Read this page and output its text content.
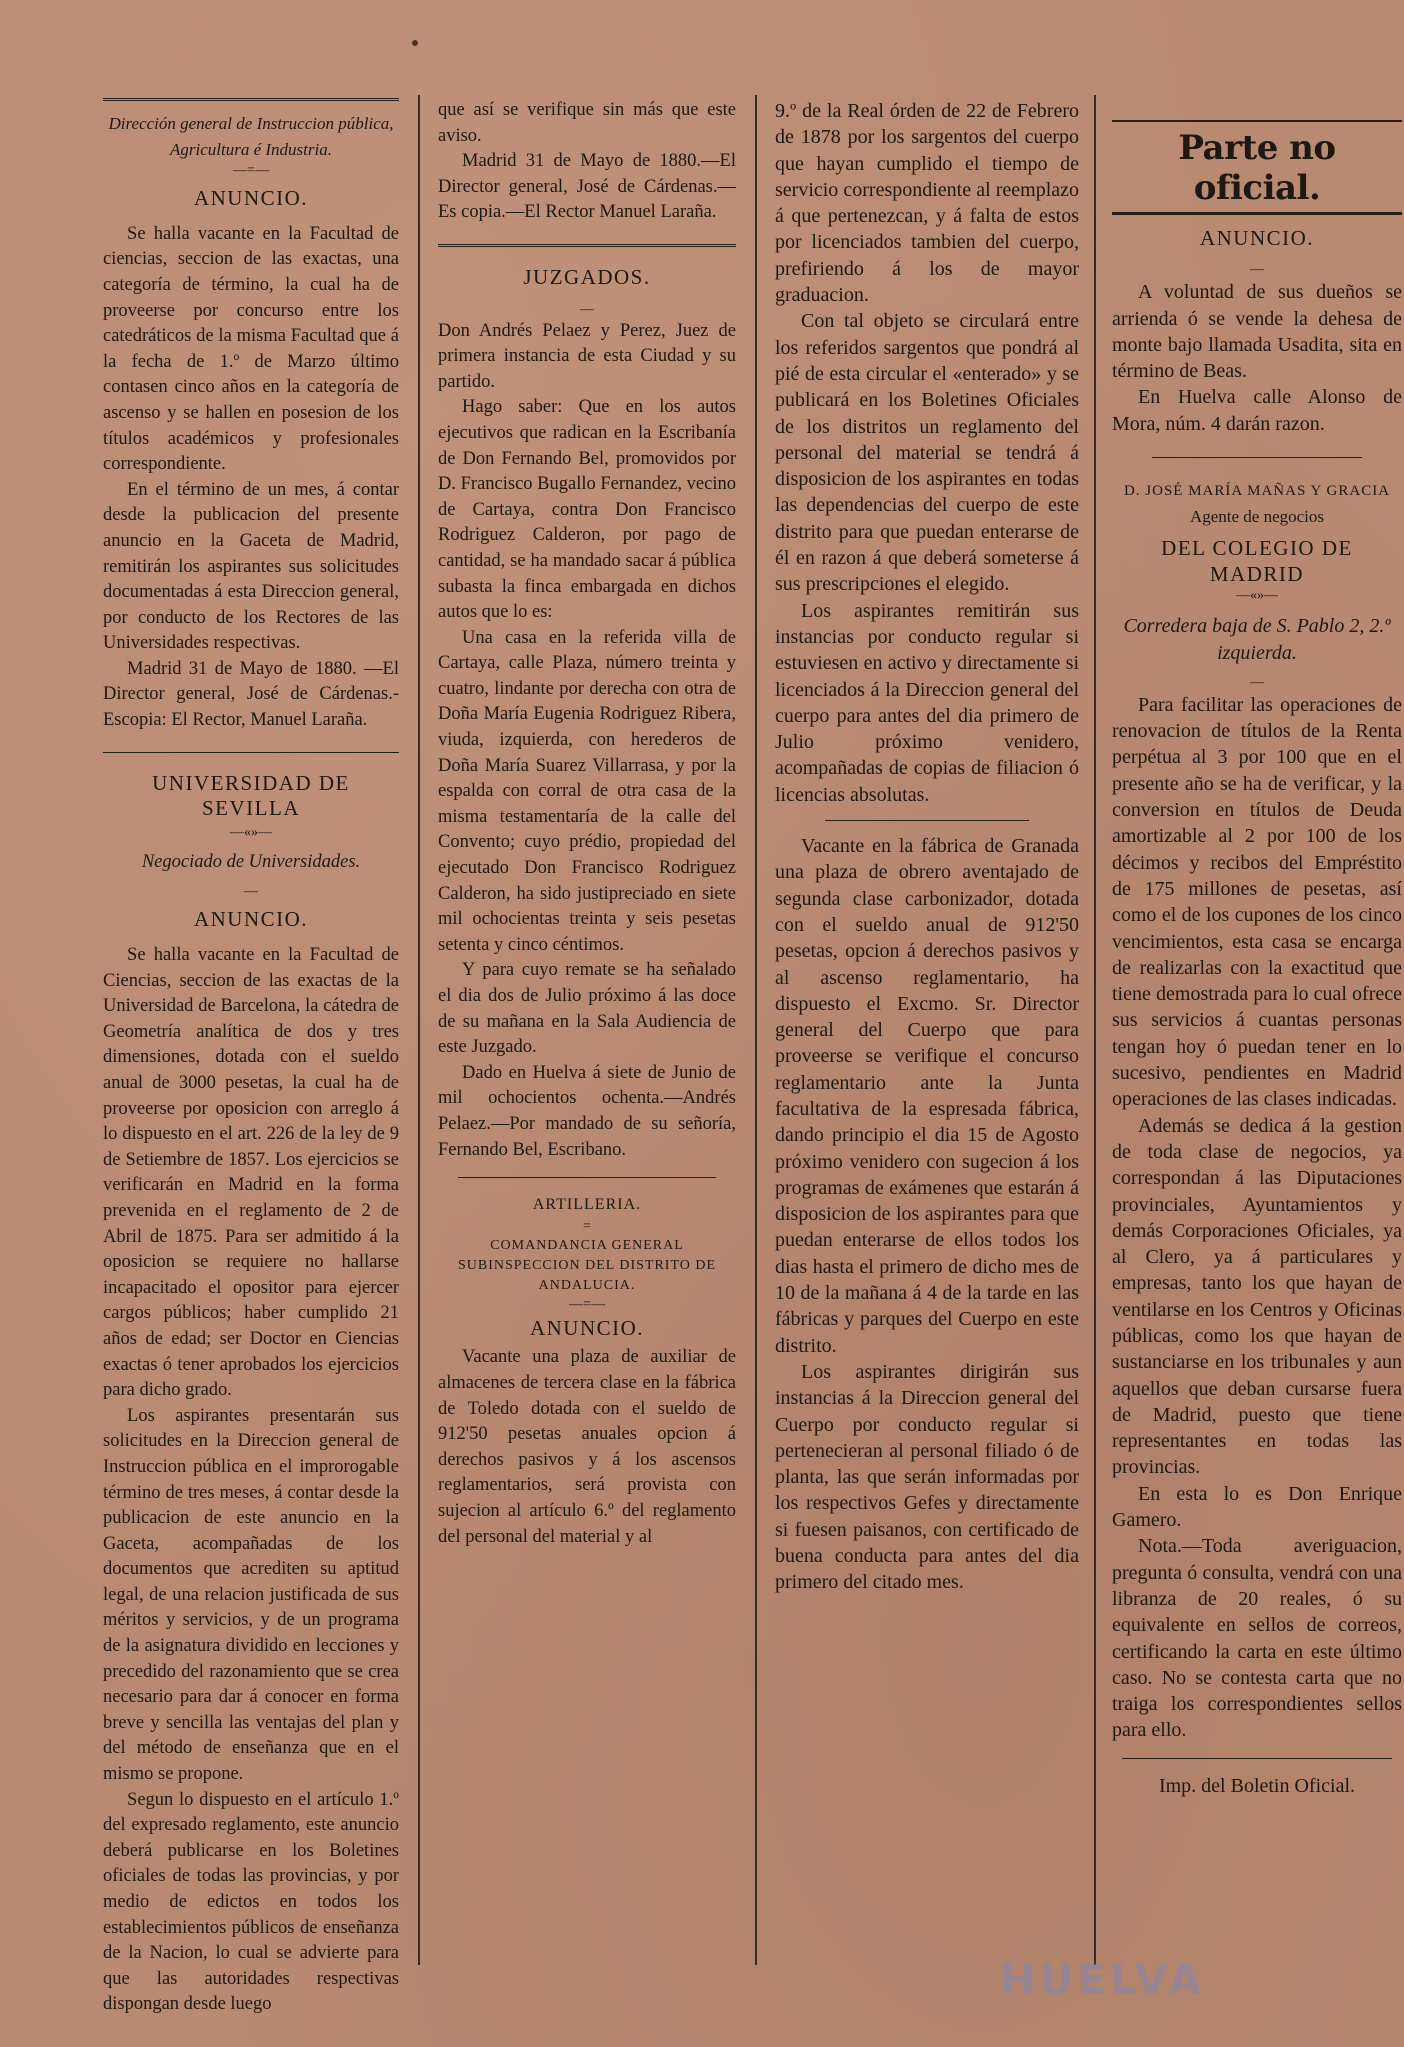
Dirección general de Instruccion pública, Agricultura é Industria.

—=—

ANUNCIO.

Se halla vacante en la Facultad de ciencias, seccion de las exactas, una categoría de término, la cual ha de proveerse por concurso entre los catedráticos de la misma Facultad que á la fecha de 1.º de Marzo último contasen cinco años en la categoría de ascenso y se hallen en posesion de los títulos académicos y profesionales correspondiente.

En el término de un mes, á contar desde la publicacion del presente anuncio en la Gaceta de Madrid, remitirán los aspirantes sus solicitudes documentadas á esta Direccion general, por conducto de los Rectores de las Universidades respectivas.

Madrid 31 de Mayo de 1880. —El Director general, José de Cárdenas.-Escopia: El Rector, Manuel Laraña.

UNIVERSIDAD DE SEVILLA

—«»—

Negociado de Universidades.

—

ANUNCIO.

Se halla vacante en la Facultad de Ciencias, seccion de las exactas de la Universidad de Barcelona, la cátedra de Geometría analítica de dos y tres dimensiones, dotada con el sueldo anual de 3000 pesetas, la cual ha de proveerse por oposicion con arreglo á lo dispuesto en el art. 226 de la ley de 9 de Setiembre de 1857. Los ejercicios se verificarán en Madrid en la forma prevenida en el reglamento de 2 de Abril de 1875. Para ser admitido á la oposicion se requiere no hallarse incapacitado el opositor para ejercer cargos públicos; haber cumplido 21 años de edad; ser Doctor en Ciencias exactas ó tener aprobados los ejercicios para dicho grado.

Los aspirantes presentarán sus solicitudes en la Direccion general de Instruccion pública en el improrogable término de tres meses, á contar desde la publicacion de este anuncio en la Gaceta, acompañadas de los documentos que acrediten su aptitud legal, de una relacion justificada de sus méritos y servicios, y de un programa de la asignatura dividido en lecciones y precedido del razonamiento que se crea necesario para dar á conocer en forma breve y sencilla las ventajas del plan y del método de enseñanza que en el mismo se propone.

Segun lo dispuesto en el artículo 1.º del expresado reglamento, este anuncio deberá publicarse en los Boletines oficiales de todas las provincias, y por medio de edictos en todos los establecimientos públicos de enseñanza de la Nacion, lo cual se advierte para que las autoridades respectivas dispongan desde luego

que así se verifique sin más que este aviso.

Madrid 31 de Mayo de 1880.—El Director general, José de Cárdenas.—Es copia.—El Rector Manuel Laraña.

JUZGADOS.

—

Don Andrés Pelaez y Perez, Juez de primera instancia de esta Ciudad y su partido.

Hago saber: Que en los autos ejecutivos que radican en la Escribanía de Don Fernando Bel, promovidos por D. Francisco Bugallo Fernandez, vecino de Cartaya, contra Don Francisco Rodriguez Calderon, por pago de cantidad, se ha mandado sacar á pública subasta la finca embargada en dichos autos que lo es:

Una casa en la referida villa de Cartaya, calle Plaza, número treinta y cuatro, lindante por derecha con otra de Doña María Eugenia Rodriguez Ribera, viuda, izquierda, con herederos de Doña María Suarez Villarrasa, y por la espalda con corral de otra casa de la misma testamentaría de la calle del Convento; cuyo prédio, propiedad del ejecutado Don Francisco Rodriguez Calderon, ha sido justipreciado en siete mil ochocientas treinta y seis pesetas setenta y cinco céntimos.

Y para cuyo remate se ha señalado el dia dos de Julio próximo á las doce de su mañana en la Sala Audiencia de este Juzgado.

Dado en Huelva á siete de Junio de mil ochocientos ochenta.—Andrés Pelaez.—Por mandado de su señoría, Fernando Bel, Escribano.

ARTILLERIA.

=

COMANDANCIA GENERAL SUBINSPECCION DEL DISTRITO DE ANDALUCIA.

—=—

ANUNCIO.

Vacante una plaza de auxiliar de almacenes de tercera clase en la fábrica de Toledo dotada con el sueldo de 912'50 pesetas anuales opcion á derechos pasivos y á los ascensos reglamentarios, será provista con sujecion al artículo 6.º del reglamento del personal del material y al

9.º de la Real órden de 22 de Febrero de 1878 por los sargentos del cuerpo que hayan cumplido el tiempo de servicio correspondiente al reemplazo á que pertenezcan, y á falta de estos por licenciados tambien del cuerpo, prefiriendo á los de mayor graduacion.

Con tal objeto se circulará entre los referidos sargentos que pondrá al pié de esta circular el «enterado» y se publicará en los Boletines Oficiales de los distritos un reglamento del personal del material se tendrá á disposicion de los aspirantes en todas las dependencias del cuerpo de este distrito para que puedan enterarse de él en razon á que deberá someterse á sus prescripciones el elegido.

Los aspirantes remitirán sus instancias por conducto regular si estuviesen en activo y directamente si licenciados á la Direccion general del cuerpo para antes del dia primero de Julio próximo venidero, acompañadas de copias de filiacion ó licencias absolutas.

Vacante en la fábrica de Granada una plaza de obrero aventajado de segunda clase carbonizador, dotada con el sueldo anual de 912'50 pesetas, opcion á derechos pasivos y al ascenso reglamentario, ha dispuesto el Excmo. Sr. Director general del Cuerpo que para proveerse se verifique el concurso reglamentario ante la Junta facultativa de la espresada fábrica, dando principio el dia 15 de Agosto próximo venidero con sugecion á los programas de exámenes que estarán á disposicion de los aspirantes para que puedan enterarse de ellos todos los dias hasta el primero de dicho mes de 10 de la mañana á 4 de la tarde en las fábricas y parques del Cuerpo en este distrito.

Los aspirantes dirigirán sus instancias á la Direccion general del Cuerpo por conducto regular si pertenecieran al personal filiado ó de planta, las que serán informadas por los respectivos Gefes y directamente si fuesen paisanos, con certificado de buena conducta para antes del dia primero del citado mes.

Parte no oficial.

ANUNCIO.

—

A voluntad de sus dueños se arrienda ó se vende la dehesa de monte bajo llamada Usadita, sita en término de Beas.

En Huelva calle Alonso de Mora, núm. 4 darán razon.

D. JOSÉ MARÍA MAÑAS Y GRACIA

Agente de negocios

DEL COLEGIO DE MADRID

—«»—

Corredera baja de S. Pablo 2, 2.º izquierda.

—

Para facilitar las operaciones de renovacion de títulos de la Renta perpétua al 3 por 100 que en el presente año se ha de verificar, y la conversion en títulos de Deuda amortizable al 2 por 100 de los décimos y recibos del Empréstito de 175 millones de pesetas, así como el de los cupones de los cinco vencimientos, esta casa se encarga de realizarlas con la exactitud que tiene demostrada para lo cual ofrece sus servicios á cuantas personas tengan hoy ó puedan tener en lo sucesivo, pendientes en Madrid operaciones de las clases indicadas.

Además se dedica á la gestion de toda clase de negocios, ya correspondan á las Diputaciones provinciales, Ayuntamientos y demás Corporaciones Oficiales, ya al Clero, ya á particulares y empresas, tanto los que hayan de ventilarse en los Centros y Oficinas públicas, como los que hayan de sustanciarse en los tribunales y aun aquellos que deban cursarse fuera de Madrid, puesto que tiene representantes en todas las provincias.

En esta lo es Don Enrique Gamero.

Nota.—Toda averiguacion, pregunta ó consulta, vendrá con una libranza de 20 reales, ó su equivalente en sellos de correos, certificando la carta en este último caso. No se contesta carta que no traiga los correspondientes sellos para ello.

Imp. del Boletin Oficial.

HUELVA
